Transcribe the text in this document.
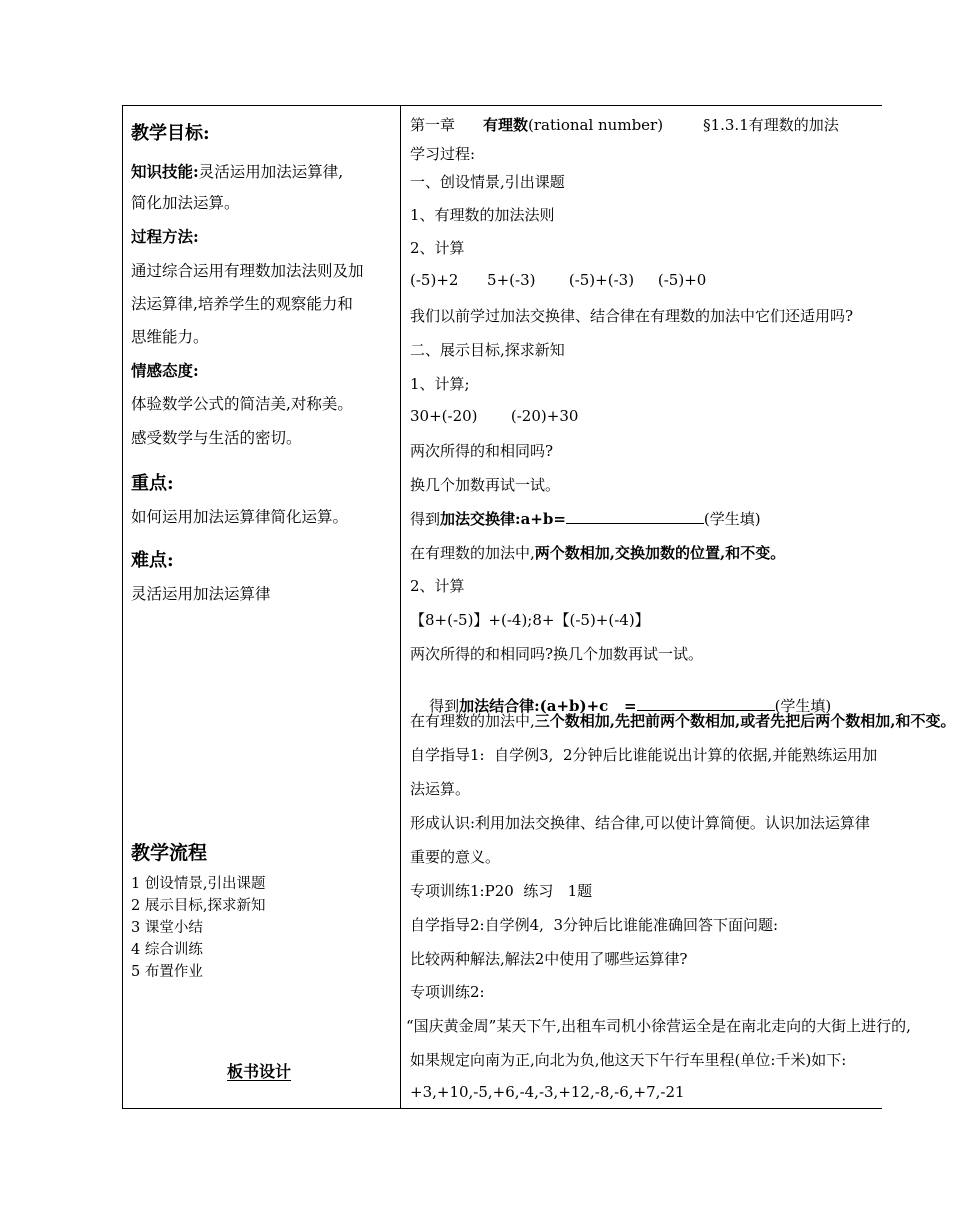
教学目标:
知识技能:灵活运用加法运算律,
简化加法运算。
过程方法:
通过综合运用有理数加法法则及加
法运算律,培养学生的观察能力和
思维能力。
情感态度:
体验数学公式的简洁美,对称美。
感受数学与生活的密切。
重点:
如何运用加法运算律简化运算。
难点:
灵活运用加法运算律
教学流程
1 创设情景,引出课题
2 展示目标,探求新知
3 课堂小结
4 综合训练
5 布置作业
板书设计
第一章 有理数(rational number)	§1.3.1有理数的加法
学习过程:
一、创设情景,引出课题
1、有理数的加法法则
2、计算
(-5)+2      5+(-3)       (-5)+(-3)     (-5)+0
我们以前学过加法交换律、结合律在有理数的加法中它们还适用吗?
二、展示目标,探求新知
1、计算;
30+(-20)       (-20)+30
两次所得的和相同吗?
换几个加数再试一试。
得到加法交换律:a+b=	(学生填)
在有理数的加法中,两个数相加,交换加数的位置,和不变。
2、计算
【8+(-5)】+(-4);8+【(-5)+(-4)】
两次所得的和相同吗?换几个加数再试一试。

得到加法结合律:(a+b)+c   =	(学生填)

在有理数的加法中,三个数相加,先把前两个数相加,或者先把后两个数相加,和不变。
自学指导1:  自学例3,  2分钟后比谁能说出计算的依据,并能熟练运用加
法运算。
形成认识:利用加法交换律、结合律,可以使计算简便。认识加法运算律
重要的意义。
专项训练1:P20  练习   1题
自学指导2:自学例4,  3分钟后比谁能准确回答下面问题:
比较两种解法,解法2中使用了哪些运算律?
专项训练2:
“国庆黄金周”某天下午,出租车司机小徐营运全是在南北走向的大街上进行的,
如果规定向南为正,向北为负,他这天下午行车里程(单位:千米)如下:
+3,+10,-5,+6,-4,-3,+12,-8,-6,+7,-21
